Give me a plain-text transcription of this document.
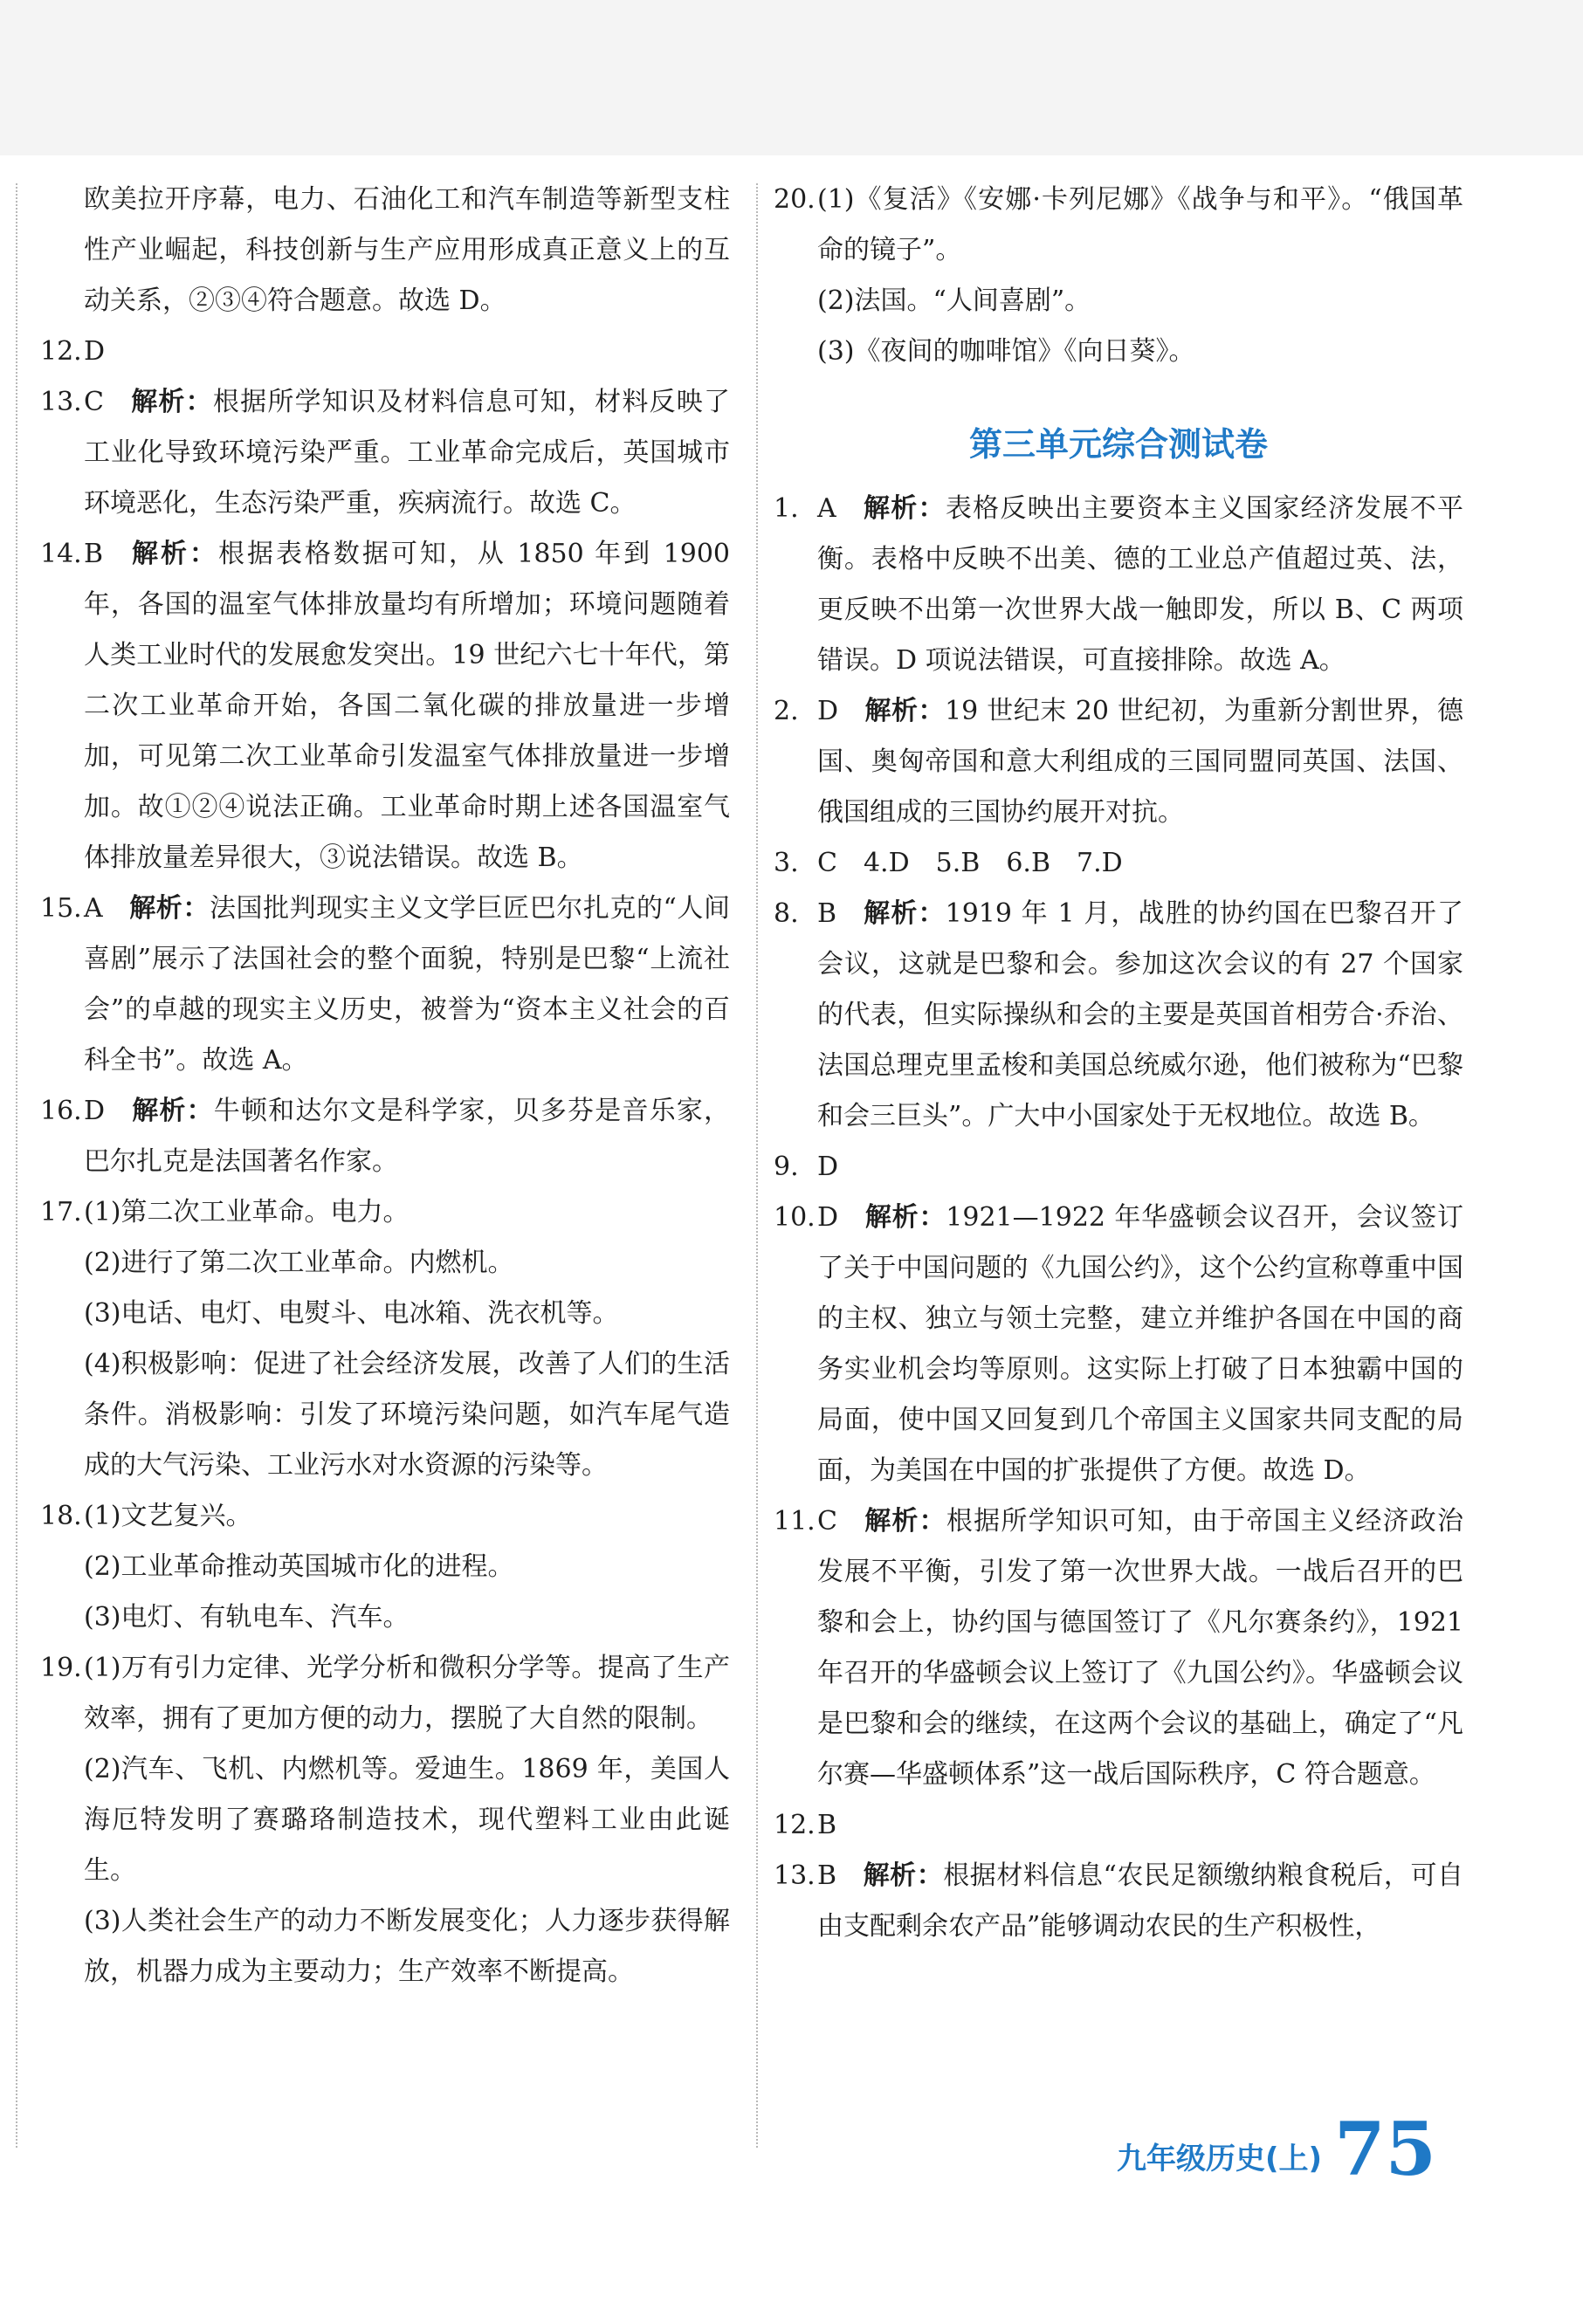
欧美拉开序幕，电力、石油化工和汽车制造等新型支柱性产业崛起，科技创新与生产应用形成真正意义上的互动关系，②③④符合题意。故选 D。
12. D
13. C 解析：根据所学知识及材料信息可知，材料反映了工业化导致环境污染严重。工业革命完成后，英国城市环境恶化，生态污染严重，疾病流行。故选 C。
14. B 解析：根据表格数据可知，从 1850 年到 1900 年，各国的温室气体排放量均有所增加；环境问题随着人类工业时代的发展愈发突出。19 世纪六七十年代，第二次工业革命开始，各国二氧化碳的排放量进一步增加，可见第二次工业革命引发温室气体排放量进一步增加。故①②④说法正确。工业革命时期上述各国温室气体排放量差异很大，③说法错误。故选 B。
15. A 解析：法国批判现实主义文学巨匠巴尔扎克的“人间喜剧”展示了法国社会的整个面貌，特别是巴黎“上流社会”的卓越的现实主义历史，被誉为“资本主义社会的百科全书”。故选 A。
16. D 解析：牛顿和达尔文是科学家，贝多芬是音乐家，巴尔扎克是法国著名作家。
17. (1)第二次工业革命。电力。
(2)进行了第二次工业革命。内燃机。
(3)电话、电灯、电熨斗、电冰箱、洗衣机等。
(4)积极影响：促进了社会经济发展，改善了人们的生活条件。消极影响：引发了环境污染问题，如汽车尾气造成的大气污染、工业污水对水资源的污染等。
18. (1)文艺复兴。
(2)工业革命推动英国城市化的进程。
(3)电灯、有轨电车、汽车。
19. (1)万有引力定律、光学分析和微积分学等。提高了生产效率，拥有了更加方便的动力，摆脱了大自然的限制。
(2)汽车、飞机、内燃机等。爱迪生。1869 年，美国人海厄特发明了赛璐珞制造技术，现代塑料工业由此诞生。
(3)人类社会生产的动力不断发展变化；人力逐步获得解放，机器力成为主要动力；生产效率不断提高。
20. (1)《复活》《安娜·卡列尼娜》《战争与和平》。“俄国革命的镜子”。
(2)法国。“人间喜剧”。
(3)《夜间的咖啡馆》《向日葵》。
第三单元综合测试卷
1. A 解析：表格反映出主要资本主义国家经济发展不平衡。表格中反映不出美、德的工业总产值超过英、法，更反映不出第一次世界大战一触即发，所以 B、C 两项错误。D 项说法错误，可直接排除。故选 A。
2. D 解析：19 世纪末 20 世纪初，为重新分割世界，德国、奥匈帝国和意大利组成的三国同盟同英国、法国、俄国组成的三国协约展开对抗。
3. C 4.D 5.B 6.B 7.D
8. B 解析：1919 年 1 月，战胜的协约国在巴黎召开了会议，这就是巴黎和会。参加这次会议的有 27 个国家的代表，但实际操纵和会的主要是英国首相劳合·乔治、法国总理克里孟梭和美国总统威尔逊，他们被称为“巴黎和会三巨头”。广大中小国家处于无权地位。故选 B。
9. D
10. D 解析：1921—1922 年华盛顿会议召开，会议签订了关于中国问题的《九国公约》，这个公约宣称尊重中国的主权、独立与领土完整，建立并维护各国在中国的商务实业机会均等原则。这实际上打破了日本独霸中国的局面，使中国又回复到几个帝国主义国家共同支配的局面，为美国在中国的扩张提供了方便。故选 D。
11. C 解析：根据所学知识可知，由于帝国主义经济政治发展不平衡，引发了第一次世界大战。一战后召开的巴黎和会上，协约国与德国签订了《凡尔赛条约》，1921 年召开的华盛顿会议上签订了《九国公约》。华盛顿会议是巴黎和会的继续，在这两个会议的基础上，确定了“凡尔赛—华盛顿体系”这一战后国际秩序，C 符合题意。
12. B
13. B 解析：根据材料信息“农民足额缴纳粮食税后，可自由支配剩余农产品”能够调动农民的生产积极性，
九年级历史(上) 75
